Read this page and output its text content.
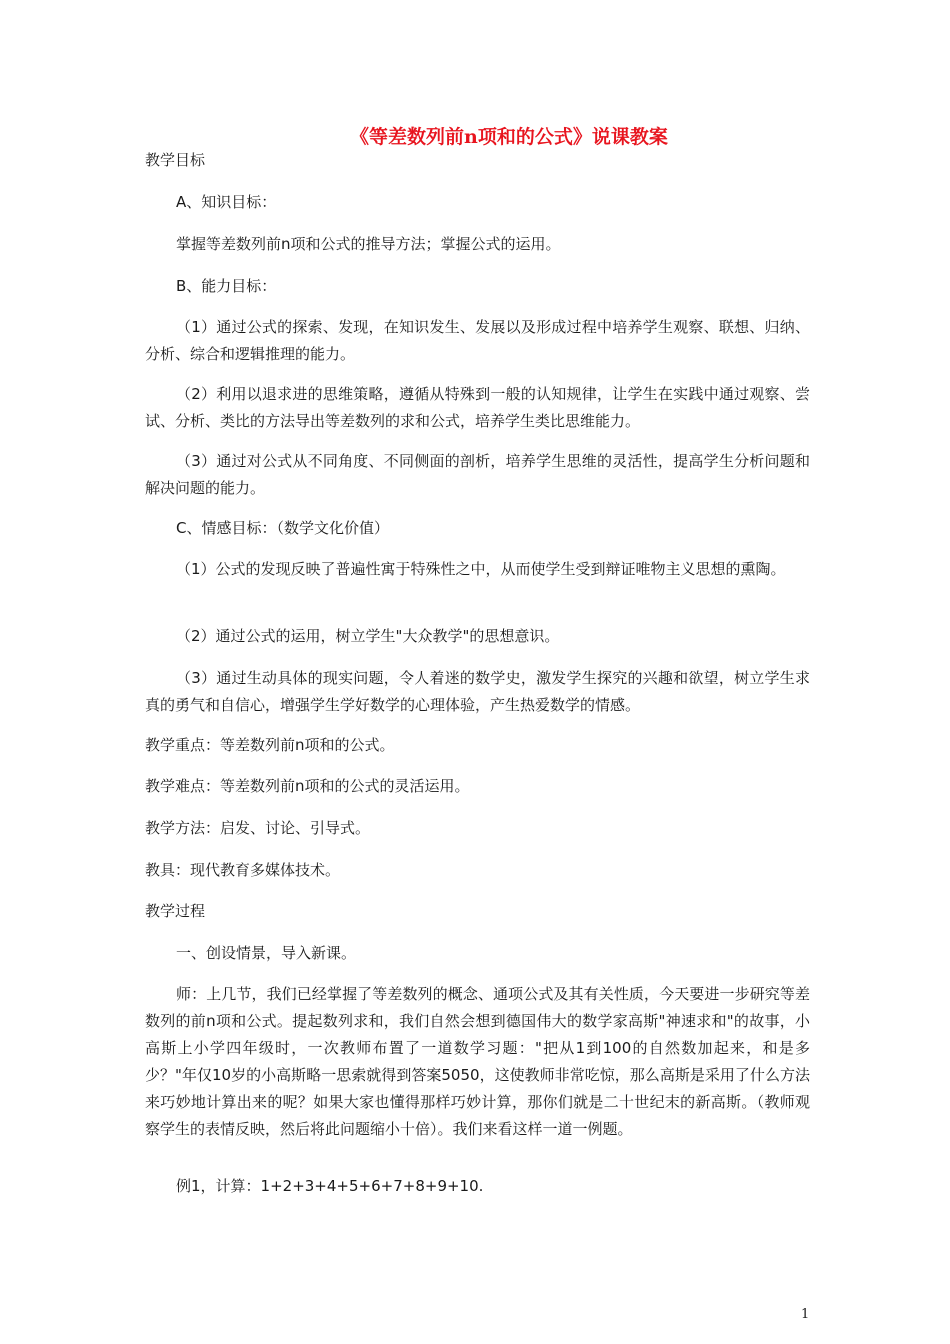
《等差数列前n项和的公式》说课教案
教学目标
A、知识目标：
掌握等差数列前n项和公式的推导方法；掌握公式的运用。
B、能力目标：
（1）通过公式的探索、发现，在知识发生、发展以及形成过程中培养学生观察、联想、归纳、分析、综合和逻辑推理的能力。
（2）利用以退求进的思维策略，遵循从特殊到一般的认知规律，让学生在实践中通过观察、尝试、分析、类比的方法导出等差数列的求和公式，培养学生类比思维能力。
（3）通过对公式从不同角度、不同侧面的剖析，培养学生思维的灵活性，提高学生分析问题和解决问题的能力。
C、情感目标：（数学文化价值）
（1）公式的发现反映了普遍性寓于特殊性之中，从而使学生受到辩证唯物主义思想的熏陶。
（2）通过公式的运用，树立学生"大众教学"的思想意识。
（3）通过生动具体的现实问题，令人着迷的数学史，激发学生探究的兴趣和欲望，树立学生求真的勇气和自信心，增强学生学好数学的心理体验，产生热爱数学的情感。
教学重点：等差数列前n项和的公式。
教学难点：等差数列前n项和的公式的灵活运用。
教学方法：启发、讨论、引导式。
教具：现代教育多媒体技术。
教学过程
一、创设情景，导入新课。
师：上几节，我们已经掌握了等差数列的概念、通项公式及其有关性质，今天要进一步研究等差数列的前n项和公式。提起数列求和，我们自然会想到德国伟大的数学家高斯"神速求和"的故事，小高斯上小学四年级时，一次教师布置了一道数学习题："把从1到100的自然数加起来，和是多少？"年仅10岁的小高斯略一思索就得到答案5050，这使教师非常吃惊，那么高斯是采用了什么方法来巧妙地计算出来的呢？如果大家也懂得那样巧妙计算，那你们就是二十世纪末的新高斯。（教师观察学生的表情反映，然后将此问题缩小十倍）。我们来看这样一道一例题。
例1，计算：1+2+3+4+5+6+7+8+9+10.
1
